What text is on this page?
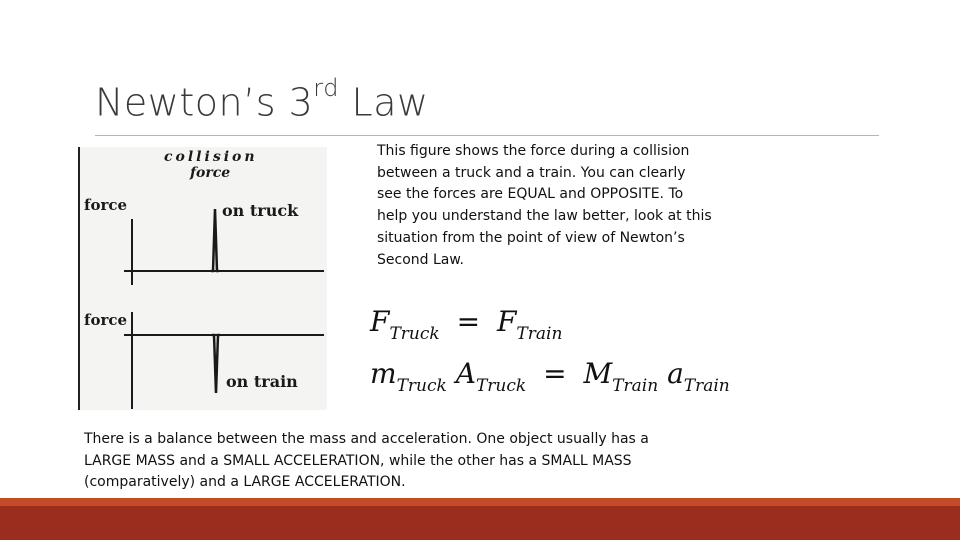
Newton’s 3rd Law
collision
force
force	on truck
force
on train
This figure shows the force during a collision between a truck and a train. You can clearly see the forces are EQUAL and OPPOSITE. To help you understand the law better, look at this situation from the point of view of Newton’s Second Law.
$F_{Truck} = F_{Train}$
$m_{Truck}$ $A_{Truck} = M_{Train}$ $a_{Train}$
There is a balance between the mass and acceleration. One object usually has a LARGE MASS and a SMALL ACCELERATION, while the other has a SMALL MASS (comparatively) and a LARGE ACCELERATION.
